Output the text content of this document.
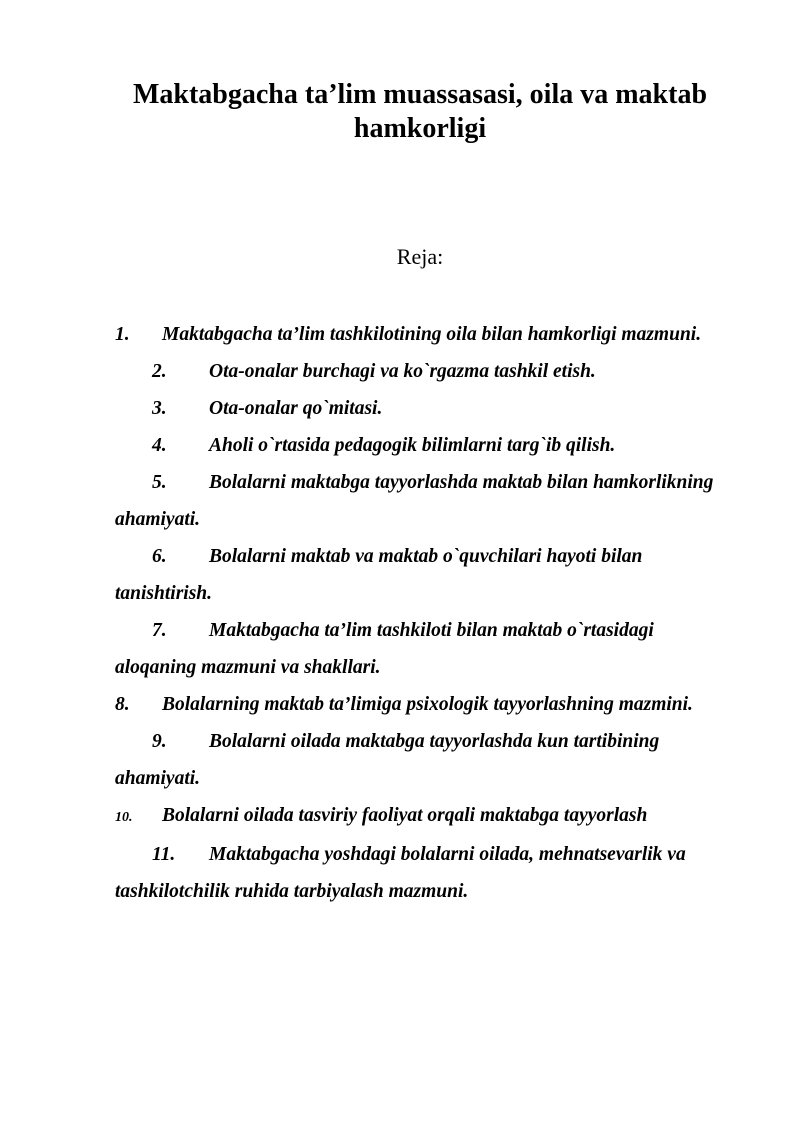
Maktabgacha ta’lim muassasasi, oila va maktab hamkorligi
Reja:
1. Maktabgacha ta’lim tashkilotining oila bilan hamkorligi mazmuni.
2. Ota-onalar burchagi va ko`rgazma tashkil etish.
3. Ota-onalar qo`mitasi.
4. Aholi o`rtasida pedagogik bilimlarni targ`ib qilish.
5. Bolalarni maktabga tayyorlashda maktab bilan hamkorlikning ahamiyati.
6. Bolalarni maktab va maktab o`quvchilari hayoti bilan tanishtirish.
7. Maktabgacha ta’lim tashkiloti bilan maktab o`rtasidagi aloqaning mazmuni va shakllari.
8. Bolalarning maktab ta’limiga psixologik tayyorlashning mazmini.
9. Bolalarni oilada maktabga tayyorlashda kun tartibining ahamiyati.
10. Bolalarni oilada tasviriy faoliyat orqali maktabga tayyorlash
11. Maktabgacha yoshdagi bolalarni oilada, mehnatsevarlik va tashkilotchilik ruhida tarbiyalash mazmuni.
